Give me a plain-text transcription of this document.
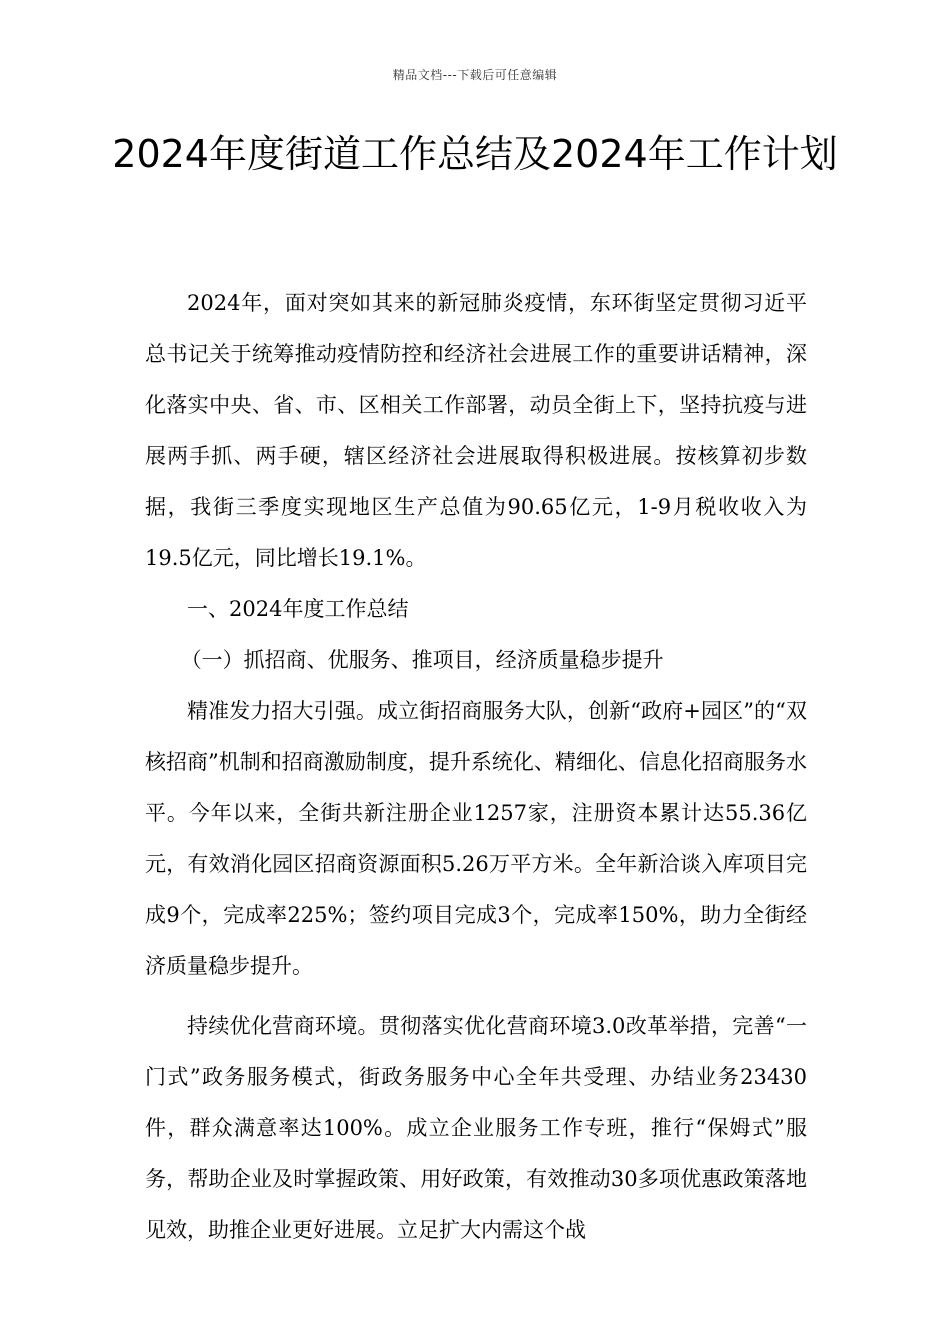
精品文档---下载后可任意编辑
2024年度街道工作总结及2024年工作计划

2024年，面对突如其来的新冠肺炎疫情，东环街坚定贯彻习近平总书记关于统筹推动疫情防控和经济社会进展工作的重要讲话精神，深化落实中央、省、市、区相关工作部署，动员全街上下，坚持抗疫与进展两手抓、两手硬，辖区经济社会进展取得积极进展。按核算初步数据，我街三季度实现地区生产总值为90.65亿元，1-9月税收收入为19.5亿元，同比增长19.1%。

一、2024年度工作总结

（一）抓招商、优服务、推项目，经济质量稳步提升

精准发力招大引强。成立街招商服务大队，创新“政府+园区”的“双核招商”机制和招商激励制度，提升系统化、精细化、信息化招商服务水平。今年以来，全街共新注册企业1257家，注册资本累计达55.36亿元，有效消化园区招商资源面积5.26万平方米。全年新洽谈入库项目完成9个，完成率225%；签约项目完成3个，完成率150%，助力全街经济质量稳步提升。

持续优化营商环境。贯彻落实优化营商环境3.0改革举措，完善“一门式”政务服务模式，街政务服务中心全年共受理、办结业务23430件，群众满意率达100%。成立企业服务工作专班，推行“保姆式”服务，帮助企业及时掌握政策、用好政策，有效推动30多项优惠政策落地见效，助推企业更好进展。立足扩大内需这个战
